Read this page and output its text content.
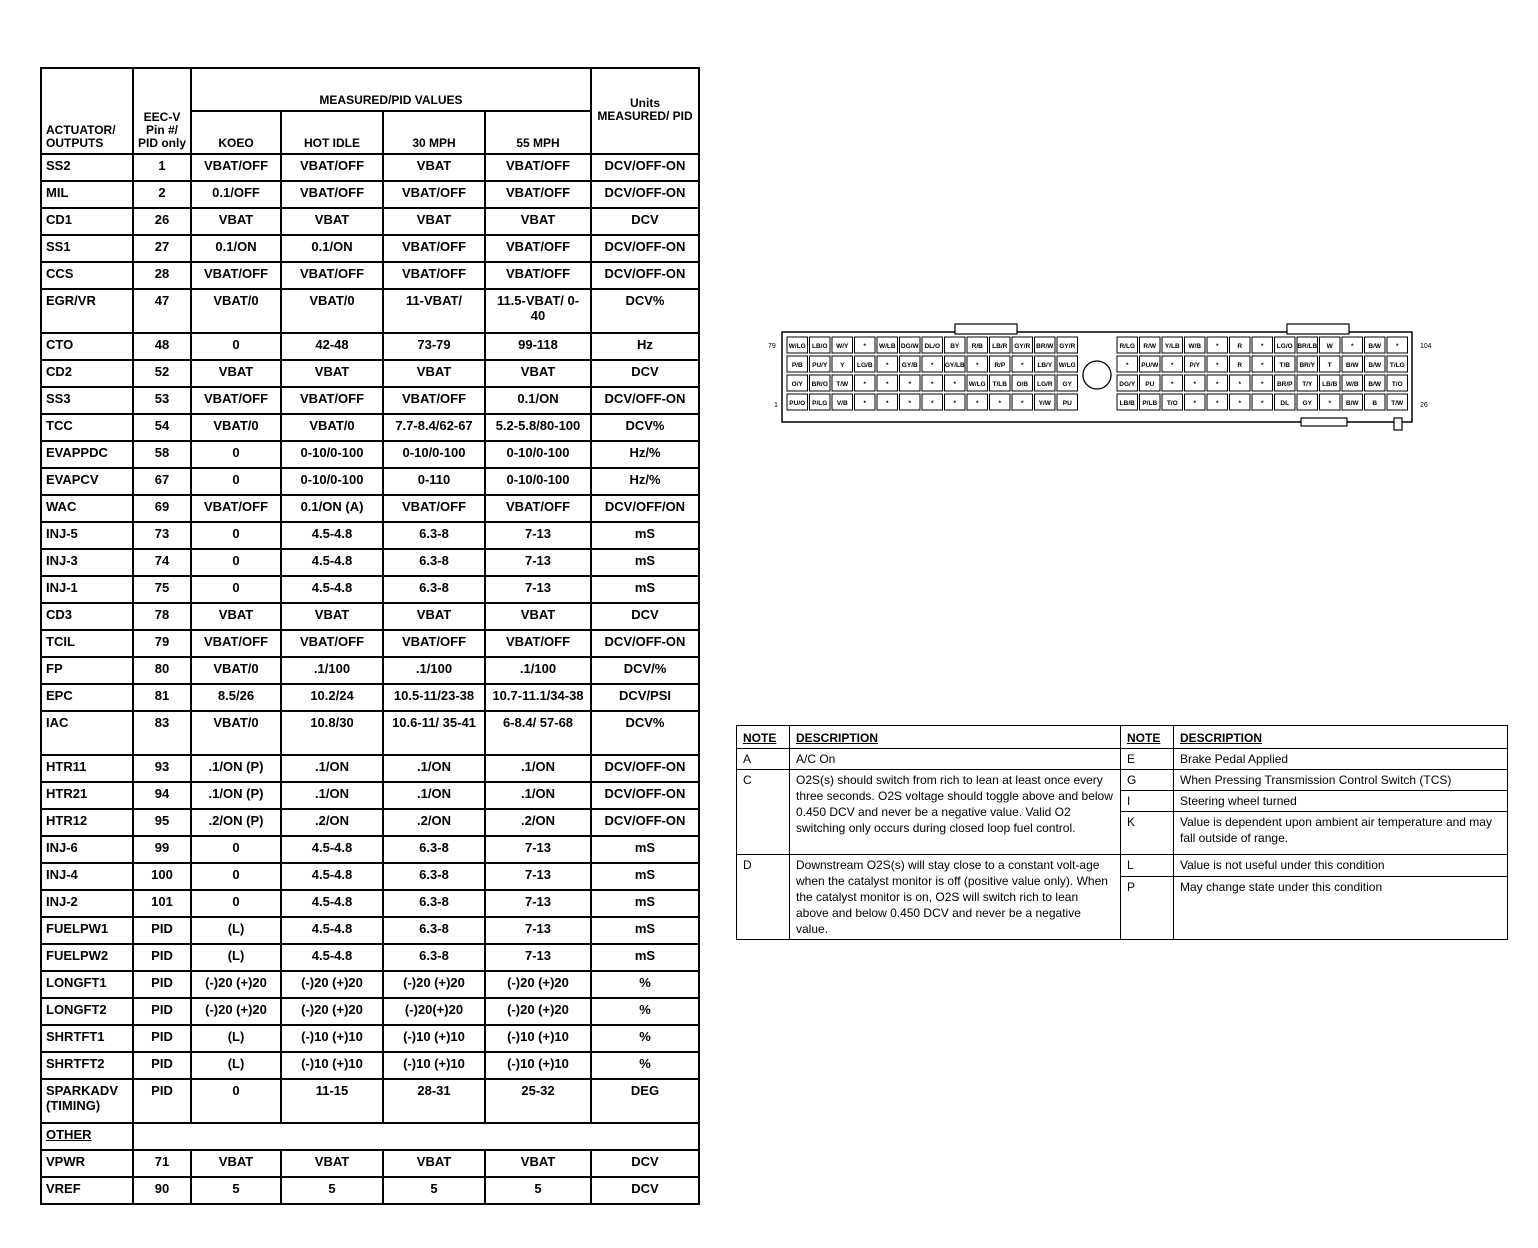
ACTUATOR/ OUTPUTS	EEC-V Pin #/ PID only	MEASURED/PID VALUES				Units MEASURED/ PID
		KOEO	HOT IDLE	30 MPH	55 MPH	
SS2	1	VBAT/OFF	VBAT/OFF	VBAT	VBAT/OFF	DCV/OFF-ON
MIL	2	0.1/OFF	VBAT/OFF	VBAT/OFF	VBAT/OFF	DCV/OFF-ON
CD1	26	VBAT	VBAT	VBAT	VBAT	DCV
SS1	27	0.1/ON	0.1/ON	VBAT/OFF	VBAT/OFF	DCV/OFF-ON
CCS	28	VBAT/OFF	VBAT/OFF	VBAT/OFF	VBAT/OFF	DCV/OFF-ON
EGR/VR	47	VBAT/0	VBAT/0	11-VBAT/	11.5-VBAT/ 0-40	DCV%
CTO	48	0	42-48	73-79	99-118	Hz
CD2	52	VBAT	VBAT	VBAT	VBAT	DCV
SS3	53	VBAT/OFF	VBAT/OFF	VBAT/OFF	0.1/ON	DCV/OFF-ON
TCC	54	VBAT/0	VBAT/0	7.7-8.4/62-67	5.2-5.8/80-100	DCV%
EVAPPDC	58	0	0-10/0-100	0-10/0-100	0-10/0-100	Hz/%
EVAPCV	67	0	0-10/0-100	0-110	0-10/0-100	Hz/%
WAC	69	VBAT/OFF	0.1/ON (A)	VBAT/OFF	VBAT/OFF	DCV/OFF/ON
INJ-5	73	0	4.5-4.8	6.3-8	7-13	mS
INJ-3	74	0	4.5-4.8	6.3-8	7-13	mS
INJ-1	75	0	4.5-4.8	6.3-8	7-13	mS
CD3	78	VBAT	VBAT	VBAT	VBAT	DCV
TCIL	79	VBAT/OFF	VBAT/OFF	VBAT/OFF	VBAT/OFF	DCV/OFF-ON
FP	80	VBAT/0	.1/100	.1/100	.1/100	DCV/%
EPC	81	8.5/26	10.2/24	10.5-11/23-38	10.7-11.1/34-38	DCV/PSI
IAC	83	VBAT/0	10.8/30	10.6-11/ 35-41	6-8.4/ 57-68	DCV%
HTR11	93	.1/ON (P)	.1/ON	.1/ON	.1/ON	DCV/OFF-ON
HTR21	94	.1/ON (P)	.1/ON	.1/ON	.1/ON	DCV/OFF-ON
HTR12	95	.2/ON (P)	.2/ON	.2/ON	.2/ON	DCV/OFF-ON
INJ-6	99	0	4.5-4.8	6.3-8	7-13	mS
INJ-4	100	0	4.5-4.8	6.3-8	7-13	mS
INJ-2	101	0	4.5-4.8	6.3-8	7-13	mS
FUELPW1	PID	(L)	4.5-4.8	6.3-8	7-13	mS
FUELPW2	PID	(L)	4.5-4.8	6.3-8	7-13	mS
LONGFT1	PID	(-)20 (+)20	(-)20 (+)20	(-)20 (+)20	(-)20 (+)20	%
LONGFT2	PID	(-)20 (+)20	(-)20 (+)20	(-)20(+)20	(-)20 (+)20	%
SHRTFT1	PID	(L)	(-)10 (+)10	(-)10 (+)10	(-)10 (+)10	%
SHRTFT2	PID	(L)	(-)10 (+)10	(-)10 (+)10	(-)10 (+)10	%
SPARKADV (TIMING)	PID	0	11-15	28-31	25-32	DEG
OTHER						
VPWR	71	VBAT	VBAT	VBAT	VBAT	DCV
VREF	90	5	5	5	5	DCV
W/LG LB/O W/Y * W/LB DG/W DL/O BY R/B LB/R GY/R BR/W GY/R
P/B PU/Y Y LG/B * GY/B * GY/LB * R/P * LB/Y W/LG
O/Y BR/O T/W *	*	*	*	* W/LG T/LB O/B LG/R GY
PU/O P/LG V/B *	*	*	*	*	*	*	* Y/W PU
R/LG R/W Y/LB W/B *	R	* LG/O BR/LB W	* B/W *
* PU/W * P/Y *	R	* T/B BR/Y T B/W B/W T/LG
DG/Y PU	*	*	*	*	* BR/P T/Y LB/B W/B B/W T/O
LB/B P/LB T/O *	*	*	*	DL GY	* B/W B T/W
79
1
104
26
NOTE	DESCRIPTION	NOTE	DESCRIPTION
A	A/C On	E	Brake Pedal Applied
C	O2S(s) should switch from rich to lean at least once every three seconds. O2S voltage should toggle above and below 0.450 DCV and never be a negative value. Valid O2 switching only occurs during closed loop fuel control.	G	When Pressing Transmission Control Switch (TCS)
		I	Steering wheel turned
		K	Value is dependent upon ambient air temperature and may fall outside of range.
D	Downstream O2S(s) will stay close to a constant volt-age when the catalyst monitor is off (positive value only). When the catalyst monitor is on, O2S will switch rich to lean above and below 0.450 DCV and never be a negative value.	L	Value is not useful under this condition
		P	May change state under this condition
